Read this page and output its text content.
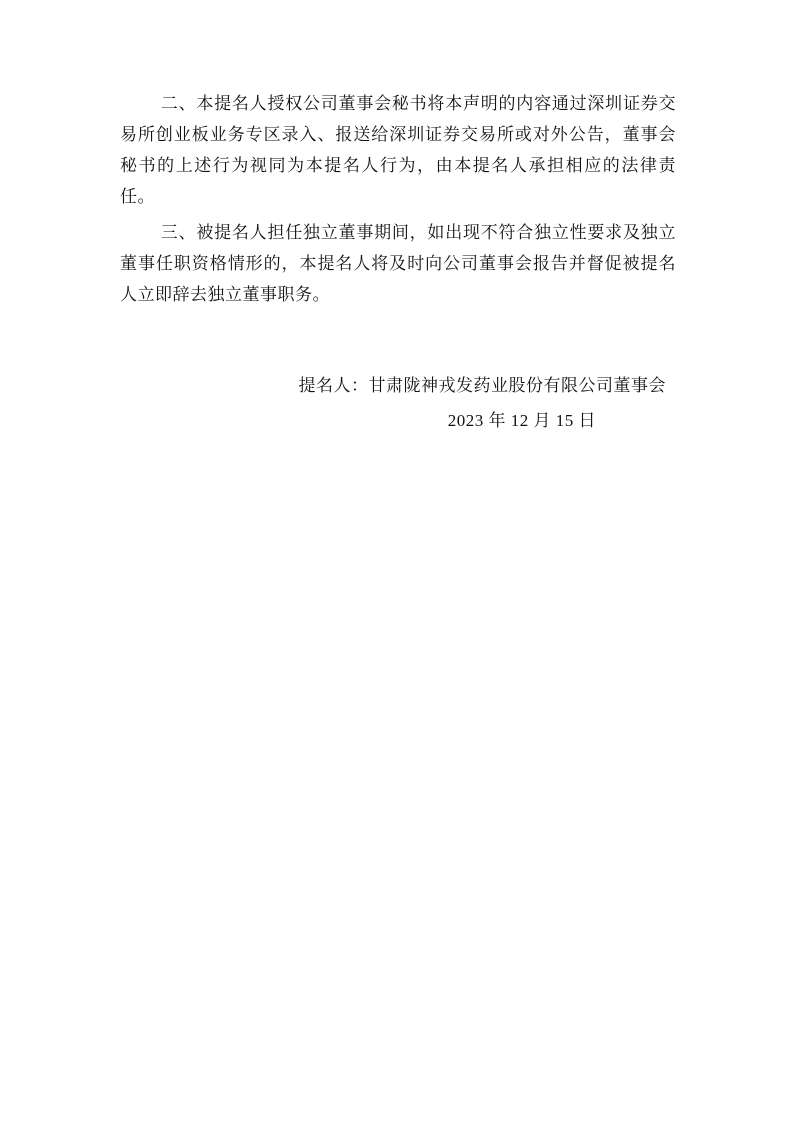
二、本提名人授权公司董事会秘书将本声明的内容通过深圳证券交易所创业板业务专区录入、报送给深圳证券交易所或对外公告，董事会秘书的上述行为视同为本提名人行为，由本提名人承担相应的法律责任。

三、被提名人担任独立董事期间，如出现不符合独立性要求及独立董事任职资格情形的，本提名人将及时向公司董事会报告并督促被提名人立即辞去独立董事职务。

提名人：甘肃陇神戎发药业股份有限公司董事会

2023 年 12 月 15 日
